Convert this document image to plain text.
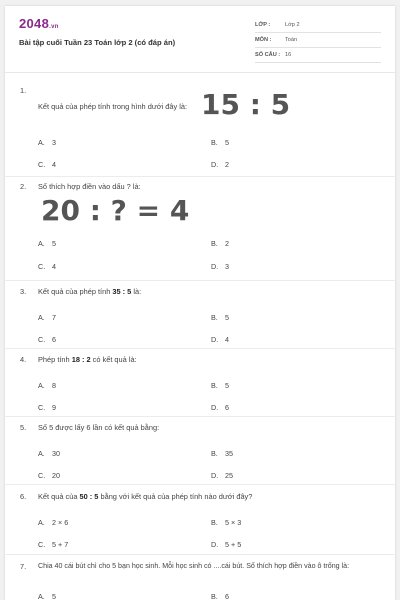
2048.vn
Bài tập cuối Tuần 23 Toán lớp 2 (có đáp án)
LỚP :	Lớp 2
MÔN : Toán
SỐ CÂU : 16
1.
Kết quả của phép tính trong hình dưới đây là: 15 : 5
A. 3	B. 5
C. 4	D. 2
2. Số thích hợp điền vào dấu ? là:
20 : ? = 4
A. 5	B. 2
C. 4	D. 3
3. Kết quả của phép tính 35 : 5 là:
A. 7	B. 5
C. 6	D. 4
4. Phép tính 18 : 2 có kết quả là:
A. 8	B. 5
C. 9	D. 6
5. Số 5 được lấy 6 lần có kết quả bằng:
A. 30	B. 35
C. 20	D. 25
6. Kết quả của 50 : 5 bằng với kết quả của phép tính nào dưới đây?
A. 2 × 6	B. 5 × 3
C. 5 + 7	D. 5 + 5
7. Chia 40 cái bút chì cho 5 bạn học sinh. Mỗi học sinh có ....cái bút. Số thích hợp điền vào ô trống là:
A. 5	B. 6
